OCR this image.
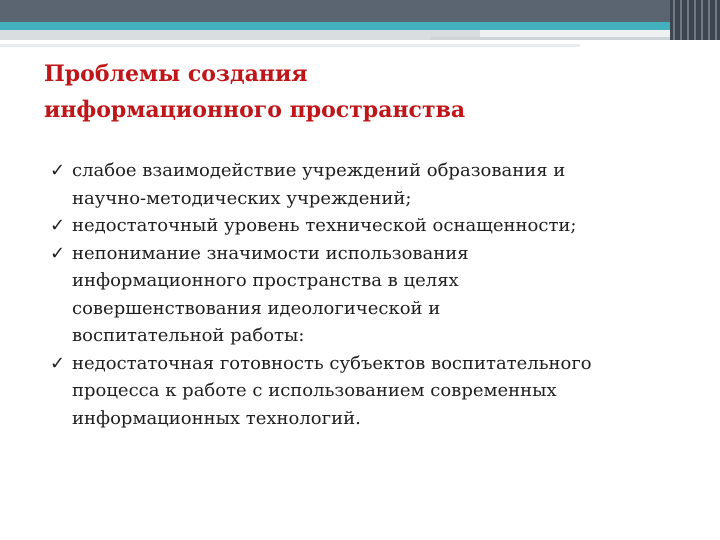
Проблемы создания
информационного пространства
✓ слабое взаимодействие учреждений образования и
научно-методических учреждений;
✓ недостаточный уровень технической оснащенности;
✓ непонимание значимости использования
информационного пространства в целях
совершенствования идеологической и
воспитательной работы:
✓ недостаточная готовность субъектов воспитательного
процесса к работе с использованием современных
информационных технологий.
